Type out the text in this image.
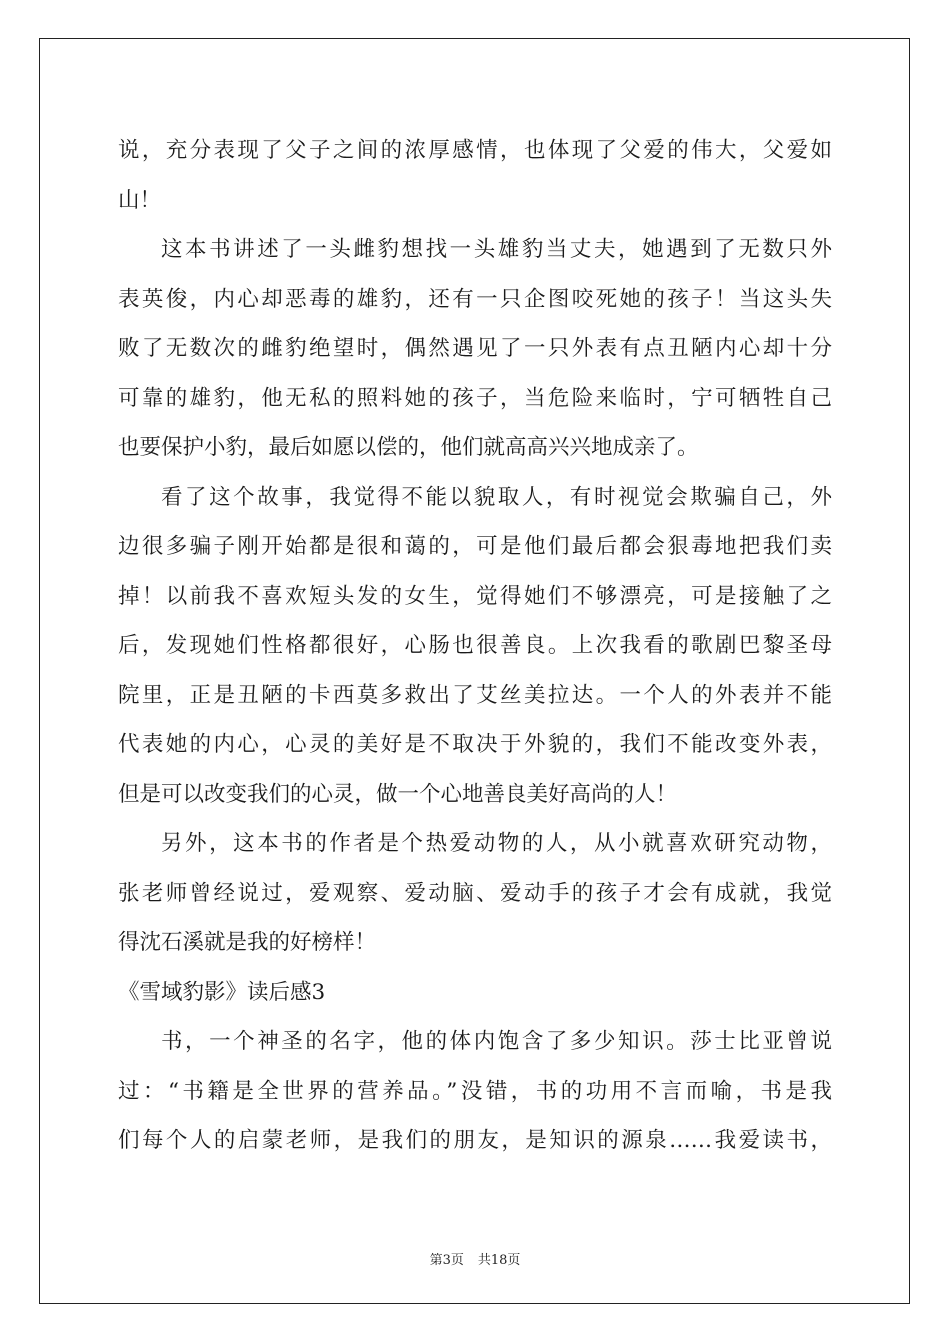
说，充分表现了父子之间的浓厚感情，也体现了父爱的伟大，父爱如
山！
这本书讲述了一头雌豹想找一头雄豹当丈夫，她遇到了无数只外
表英俊，内心却恶毒的雄豹，还有一只企图咬死她的孩子！当这头失
败了无数次的雌豹绝望时，偶然遇见了一只外表有点丑陋内心却十分
可靠的雄豹，他无私的照料她的孩子，当危险来临时，宁可牺牲自己
也要保护小豹，最后如愿以偿的，他们就高高兴兴地成亲了。
看了这个故事，我觉得不能以貌取人，有时视觉会欺骗自己，外
边很多骗子刚开始都是很和蔼的，可是他们最后都会狠毒地把我们卖
掉！以前我不喜欢短头发的女生，觉得她们不够漂亮，可是接触了之
后，发现她们性格都很好，心肠也很善良。上次我看的歌剧巴黎圣母
院里，正是丑陋的卡西莫多救出了艾丝美拉达。一个人的外表并不能
代表她的内心，心灵的美好是不取决于外貌的，我们不能改变外表，
但是可以改变我们的心灵，做一个心地善良美好高尚的人！
另外，这本书的作者是个热爱动物的人，从小就喜欢研究动物，
张老师曾经说过，爱观察、爱动脑、爱动手的孩子才会有成就，我觉
得沈石溪就是我的好榜样！
《雪域豹影》读后感3
书，一个神圣的名字，他的体内饱含了多少知识。莎士比亚曾说
过：“书籍是全世界的营养品。”没错，书的功用不言而喻，书是我
们每个人的启蒙老师，是我们的朋友，是知识的源泉……我爱读书，
第3页 共18页
